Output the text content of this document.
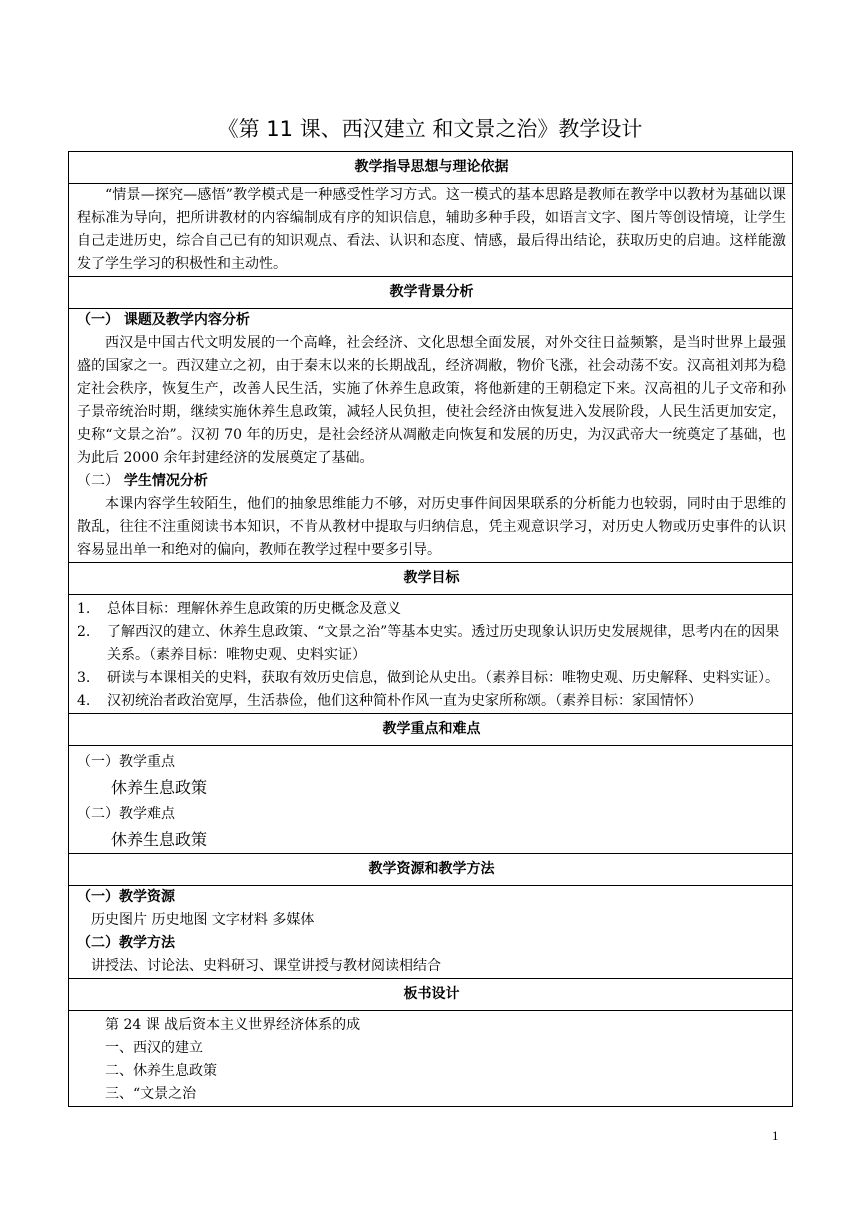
《第 11 课、西汉建立 和文景之治》教学设计
教学指导思想与理论依据

“情景—探究—感悟”教学模式是一种感受性学习方式。这一模式的基本思路是教师在教学中以教材为基础以课程标准为导向，把所讲教材的内容编制成有序的知识信息，辅助多种手段，如语言文字、图片等创设情境，让学生自己走进历史，综合自己已有的知识观点、看法、认识和态度、情感，最后得出结论，获取历史的启迪。这样能激发了学生学习的积极性和主动性。

教学背景分析

（一） 课题及教学内容分析

西汉是中国古代文明发展的一个高峰，社会经济、文化思想全面发展，对外交往日益频繁，是当时世界上最强盛的国家之一。西汉建立之初，由于秦末以来的长期战乱，经济凋敝，物价飞涨，社会动荡不安。汉高祖刘邦为稳定社会秩序，恢复生产，改善人民生活，实施了休养生息政策，将他新建的王朝稳定下来。汉高祖的儿子文帝和孙子景帝统治时期，继续实施休养生息政策，减轻人民负担，使社会经济由恢复进入发展阶段，人民生活更加安定，史称“文景之治”。汉初 70 年的历史，是社会经济从凋敝走向恢复和发展的历史，为汉武帝大一统奠定了基础，也为此后 2000 余年封建经济的发展奠定了基础。

（二） 学生情况分析

本课内容学生较陌生，他们的抽象思维能力不够，对历史事件间因果联系的分析能力也较弱，同时由于思维的散乱，往往不注重阅读书本知识，不肯从教材中提取与归纳信息，凭主观意识学习，对历史人物或历史事件的认识容易显出单一和绝对的偏向，教师在教学过程中要多引导。

教学目标

1. 总体目标：理解休养生息政策的历史概念及意义
2. 了解西汉的建立、休养生息政策、“文景之治”等基本史实。透过历史现象认识历史发展规律，思考内在的因果关系。（素养目标：唯物史观、史料实证）
3. 研读与本课相关的史料，获取有效历史信息，做到论从史出。（素养目标：唯物史观、历史解释、史料实证）。
4. 汉初统治者政治宽厚，生活恭俭，他们这种简朴作风一直为史家所称颂。（素养目标：家国情怀）

教学重点和难点

（一）教学重点

休养生息政策

（二）教学难点

休养生息政策

教学资源和教学方法

（一）教学资源

历史图片 历史地图 文字材料 多媒体

（二）教学方法

讲授法、讨论法、史料研习、课堂讲授与教材阅读相结合

板书设计

第 24 课 战后资本主义世界经济体系的成

一、西汉的建立

二、休养生息政策

三、“文景之治

1
